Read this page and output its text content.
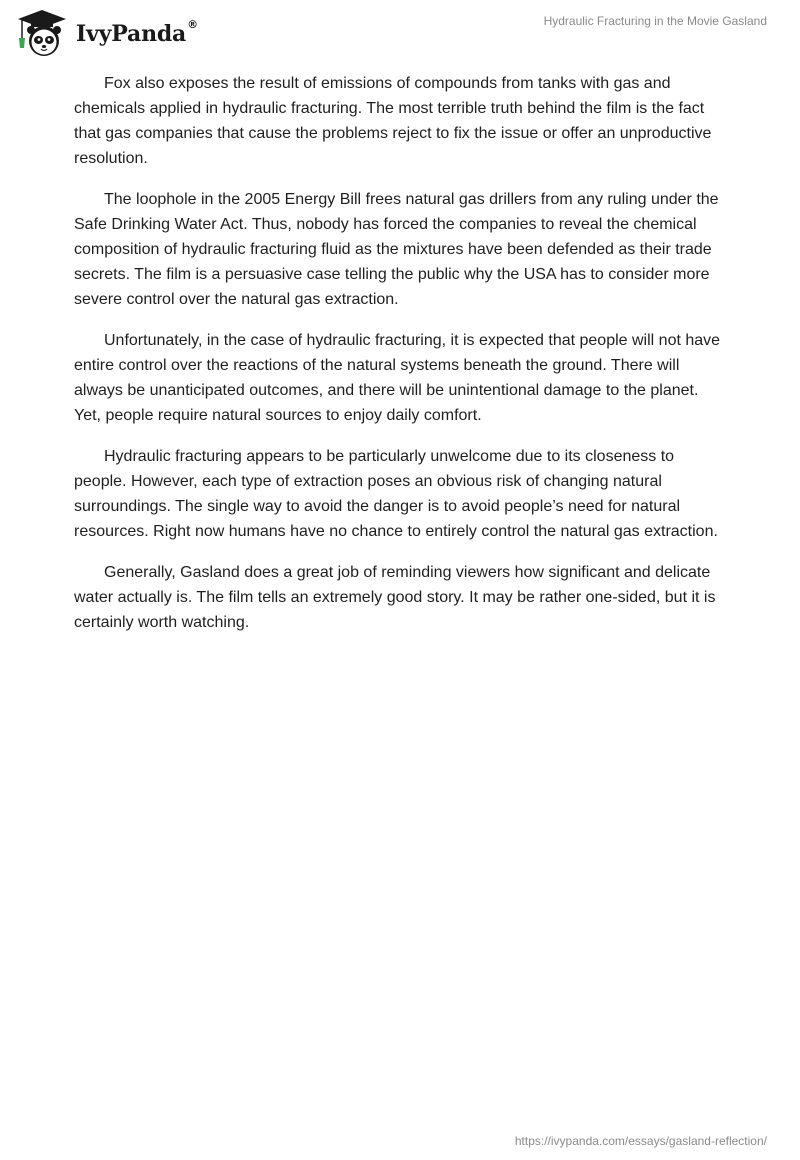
IvyPanda®	Hydraulic Fracturing in the Movie Gasland

Fox also exposes the result of emissions of compounds from tanks with gas and chemicals applied in hydraulic fracturing. The most terrible truth behind the film is the fact that gas companies that cause the problems reject to fix the issue or offer an unproductive resolution.

The loophole in the 2005 Energy Bill frees natural gas drillers from any ruling under the Safe Drinking Water Act. Thus, nobody has forced the companies to reveal the chemical composition of hydraulic fracturing fluid as the mixtures have been defended as their trade secrets. The film is a persuasive case telling the public why the USA has to consider more severe control over the natural gas extraction.

Unfortunately, in the case of hydraulic fracturing, it is expected that people will not have entire control over the reactions of the natural systems beneath the ground. There will always be unanticipated outcomes, and there will be unintentional damage to the planet. Yet, people require natural sources to enjoy daily comfort.

Hydraulic fracturing appears to be particularly unwelcome due to its closeness to people. However, each type of extraction poses an obvious risk of changing natural surroundings. The single way to avoid the danger is to avoid people’s need for natural resources. Right now humans have no chance to entirely control the natural gas extraction.

Generally, Gasland does a great job of reminding viewers how significant and delicate water actually is. The film tells an extremely good story. It may be rather one-sided, but it is certainly worth watching.

https://ivypanda.com/essays/gasland-reflection/
